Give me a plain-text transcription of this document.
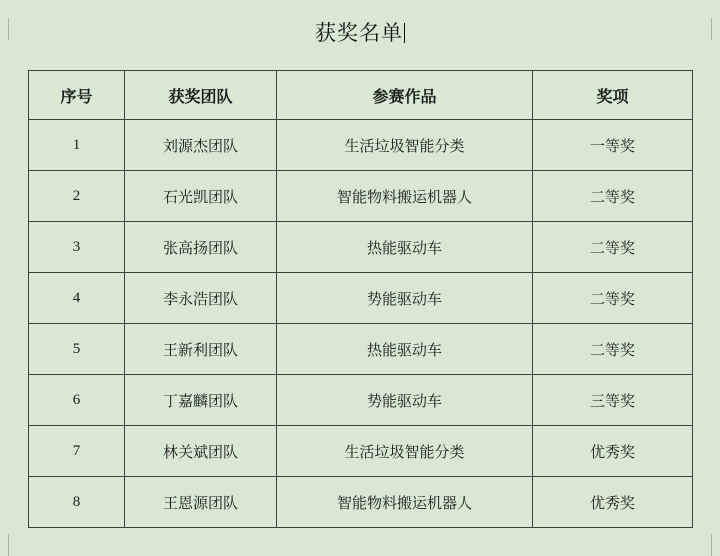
获奖名单
序号	获奖团队	参赛作品	奖项
1	刘源杰团队	生活垃圾智能分类	一等奖
2	石光凯团队	智能物料搬运机器人	二等奖
3	张高扬团队	热能驱动车	二等奖
4	李永浩团队	势能驱动车	二等奖
5	王新利团队	热能驱动车	二等奖
6	丁嘉麟团队	势能驱动车	三等奖
7	林关斌团队	生活垃圾智能分类	优秀奖
8	王恩源团队	智能物料搬运机器人	优秀奖
